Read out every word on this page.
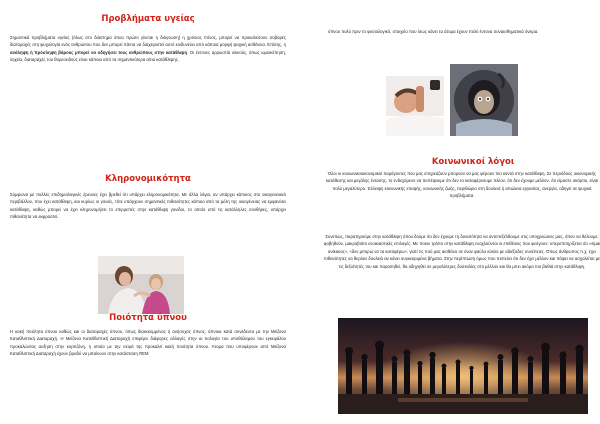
Προβλήματα υγείας

Σημαντικά προβλήματα υγείας (όλως στο διάστημα όπου πρώτο γίνεται η διάγνωση) η χρόνιος πόνος, μπορεί να προκαλέσουν σοβαρές διαταραχές στη ψυχολογία ενός ανθρώπου που δεν μπορεί πάντα να διαχειριστεί αυτό κινδυνεύει από κάποια μορφή ψυχική ασθένεια. Επίσης, η ανάληψη ή πρόσληψη βάρους μπορεί να οδηγήσει τους ανθρώπους στην κατάθλιψη. Οι έντονες αρρωστία ολικούς, όπως ωμιοκέπηση, λοχεία, διαταραχές του θυρεοειδούς είναι κάποια από τα σημαντικότερα αίτια κατάθλιψης.

Κληρονομικότητα

Σύμφωνα με πολλές επιδημιολογικές έρευνες έχει βρεθεί ότι υπάρχει κληρονομικότητα. Με άλλα λόγια, αν υπάρχει κάποιος στο οικογενειακό περιβάλλον, που έχει κατάθλιψη, και κυρίως οι γονείς, τότε υπάρχουν σημαντικές πιθανότητες κάποιο από τα μέλη της οικογένειας να εμφανίσει κατάθλιψη, καθώς μπορεί να έχει κληρονομήσει το επιρρεπές στην κατάθλιψη γονίδιο, το οποίο υπό τις κατάλληλες συνθήκες, υπάρχει πιθανότητα να εκφραστεί.

Ποιότητα ύπνου

Η κακή ποιότητα ύπνου καθώς και οι διαταραχές ύπνου, όπως διακεκομμένος ή ανήσυχος ύπνος, άπνοια κατά συνέδευτα με την Μείζονα Καταθλιπτική Διαταραχή. Η Μείζονα Καταθλιπτική Διαταραχή επιφέρει διάφορες αλλαγές στην αι τιολογία του υποθάλαμου του εγκεφάλου προκαλώντας αυξηση στην κορτιζόνη, η οποία με την σειρά της προκαλεί κακή ποιότητα ύπνου. Άτομα που υποφέρουν από Μείζονα Καταθλιπτική Διαταραχή έχουν βραδύ να μπαίνουν στην κατάσταση REM

ύπνου πολύ πριν το φυσιολογικό, στοιχείο που ίσως κάνει τα άτομα έχουν πολύ έντονα συναισθηματικά όνειρα.

Κοινωνικοί λόγοι

Όλοι οι κοινωνικοοικονομικοί παράγοντες που μας επηρεάζουν μπορούν να μας φέρουν πιο κοντά στην κατάθλιψη. Σε περιόδους οικονομικής κατάθεσης και μεγάλης έντασης, το ενδεχόμενο να πιστέψουμε ότι δεν το καταφέρνουμε πλέον, ότι δεν έχουμε μέλλον, ότι είμαστε σκάρτοι, είναι πολύ μεγαλύτερο. Έλλειψη κοινωνικής επαφής, κοινωνικής ζωής, περιθώριο στη δουλειά ή απώλεια εργασίας, ανεργία, οδηγεί σε ψυχικά προβλήματα.

Συνεπώς, παρατηρούμε στην κατάθλιψη όπου δούμε ότι δεν έχουμε τη δυνατότητα να αντεπεξέλθουμε στις υποχρεώσεις μας, όπου να θέλουμε: φοβηθούν, μακροβιότο ενοικιαστικές επιλογές. Με ποιον τρόπο στην κατάθλιψη ενοχλούνται οι επιθέσεις που φεύγουν: υπερεπιτηρίζεται ότι «είμαι ανίκανος», «δεν μπορώ να τα καταφέρω», γιατί τις πού μας αισθάνο σε έναν φαύλο κύκλο με αδιέξοδες συνέπειες. Όπως άνθρωπος π.χ. έχει πιθανότητες να θερίσει δουλειά αν κάνει συγκεκριμένα βήματα. Στην περίπτωση όμως που πιστεύει ότι δεν έχει μέλλον και πάψει να ασχολείται με τις δεξιότητές του και παραιτηθεί, θα οδηγηθεί σε μεγαλύτερες δυσκολίες στο μέλλον και θα μπει ακόμα πιο βαθιά στην κατάθλιψη.
